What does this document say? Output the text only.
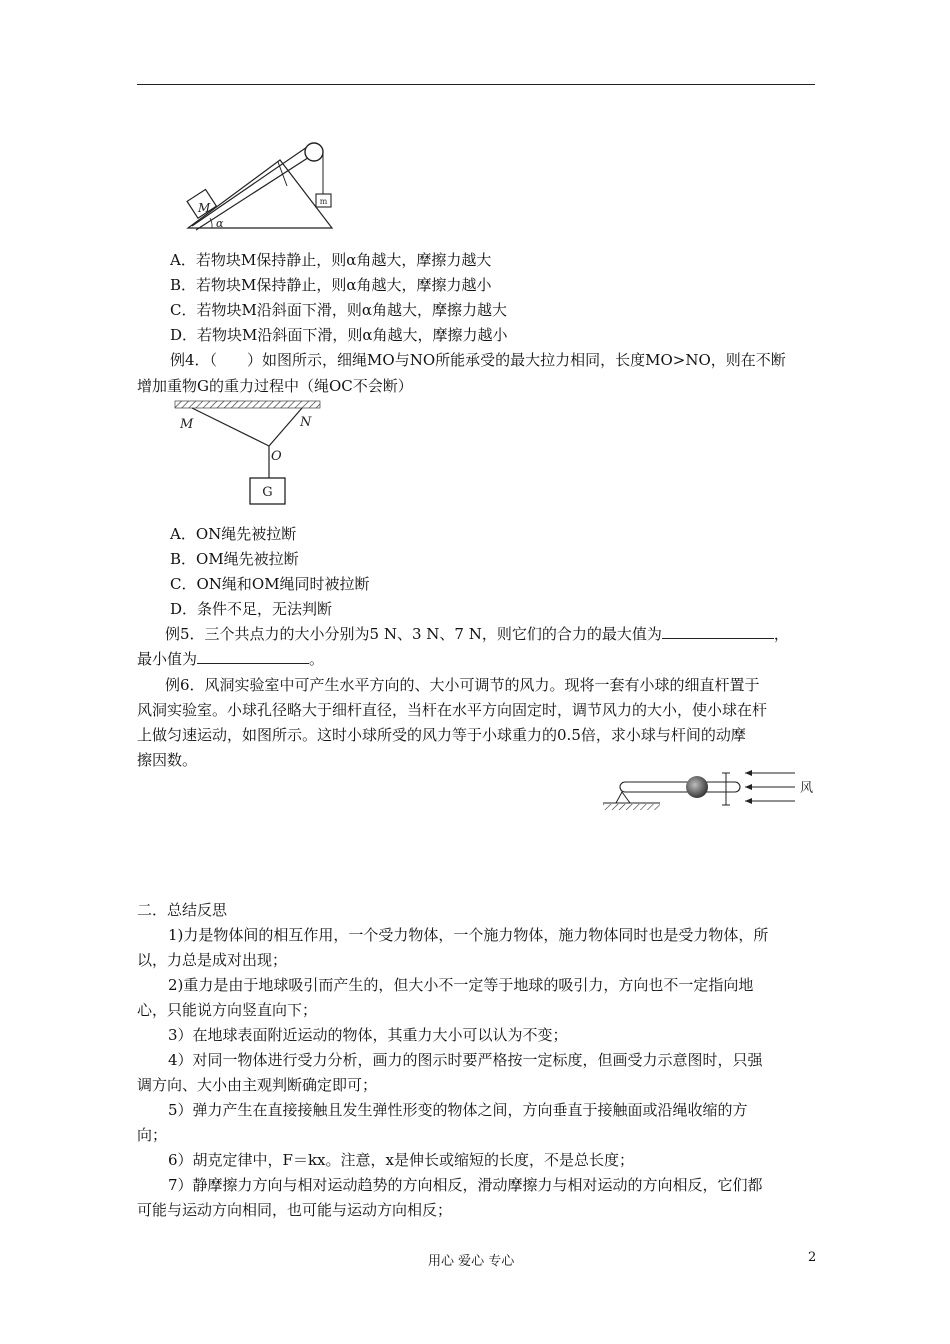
m
M
α
A．若物块M保持静止，则α角越大，摩擦力越大
B．若物块M保持静止，则α角越大，摩擦力越小
C．若物块M沿斜面下滑，则α角越大，摩擦力越大
D．若物块M沿斜面下滑，则α角越大，摩擦力越小
例4．（　　）如图所示，细绳MO与NO所能承受的最大拉力相同，长度MO>NO，则在不断
增加重物G的重力过程中（绳OC不会断）
M	N
O
G
A．ON绳先被拉断
B．OM绳先被拉断
C．ON绳和OM绳同时被拉断
D．条件不足，无法判断
例5．三个共点力的大小分别为5 N、3 N、7 N，则它们的合力的最大值为	，
最小值为	。
例6．风洞实验室中可产生水平方向的、大小可调节的风力。现将一套有小球的细直杆置于
风洞实验室。小球孔径略大于细杆直径，当杆在水平方向固定时，调节风力的大小，使小球在杆
上做匀速运动，如图所示。这时小球所受的风力等于小球重力的0.5倍，求小球与杆间的动摩
擦因数。
风
二．总结反思
1)力是物体间的相互作用，一个受力物体，一个施力物体，施力物体同时也是受力物体，所
以，力总是成对出现；
2)重力是由于地球吸引而产生的，但大小不一定等于地球的吸引力，方向也不一定指向地
心，只能说方向竖直向下；
3）在地球表面附近运动的物体，其重力大小可以认为不变；
4）对同一物体进行受力分析，画力的图示时要严格按一定标度，但画受力示意图时，只强
调方向、大小由主观判断确定即可；
5）弹力产生在直接接触且发生弹性形变的物体之间，方向垂直于接触面或沿绳收缩的方
向；
6）胡克定律中，F＝kx。注意，x是伸长或缩短的长度，不是总长度；
7）静摩擦力方向与相对运动趋势的方向相反，滑动摩擦力与相对运动的方向相反，它们都
可能与运动方向相同，也可能与运动方向相反；
用心 爱心 专心	2
